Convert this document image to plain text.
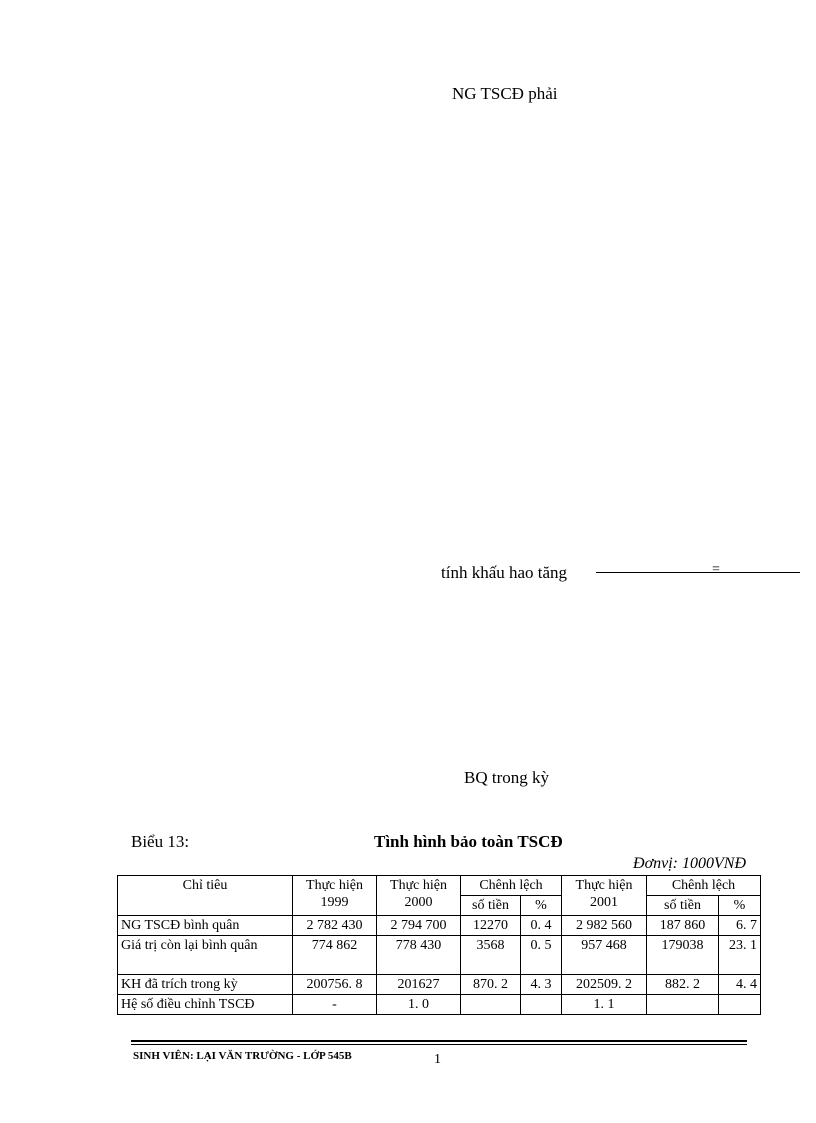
NG TSCĐ phải
tính khấu hao tăng	=
BQ trong kỳ
Biểu 13:	Tình hình bảo toàn TSCĐ
Đơnvị: 1000VNĐ
Chỉ tiêu	Thực hiện 1999	Thực hiện 2000	Chênh lệch		Thực hiện 2001	Chênh lệch	
			số tiền	%		số tiền	%
NG TSCĐ bình quân	2 782 430	2 794 700	12270	0. 4	2 982 560	187 860	6. 7
Giá trị còn lại bình quân	774 862	778 430	3568	0. 5	957 468	179038	23. 1
KH đã trích trong kỳ	200756. 8	201627	870. 2	4. 3	202509. 2	882. 2	4. 4
Hệ số điều chỉnh TSCĐ	-	1. 0			1. 1		
SINH VIÊN: LẠI VĂN TRƯỜNG - LỚP 545B	1
